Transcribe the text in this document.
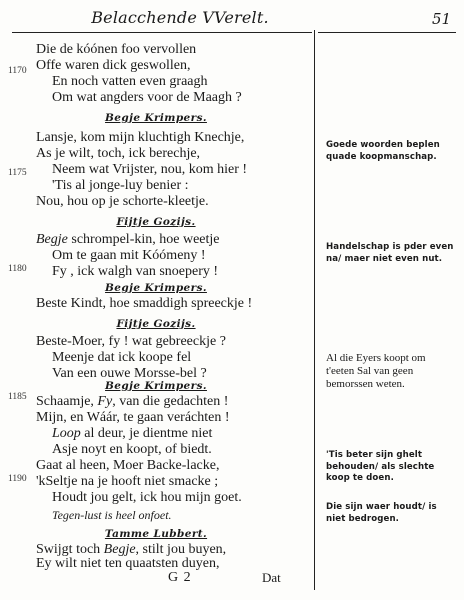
Belacchende VVerelt.	51
1170
1175
1180
1185
1190
Die de kóónen foo vervollen
Offe waren dick geswollen,
En noch vatten even graagh
Om wat angders voor de Maagh ?
Begje Krimpers.
Lansje, kom mijn kluchtigh Knechje,
As je wilt, toch, ick berechje,
Neem wat Vrijster, nou, kom hier !
'Tis al jonge-luy benier :
Nou, hou op je schorte-kleetje.
Fijtje Gozijs.
Begje schrompel-kin, hoe weetje
Om te gaan mit Kóómeny !
Fy , ick walgh van snoepery !
Begje Krimpers.
Beste Kindt, hoe smaddigh spreeckje !
Fijtje Gozijs.
Beste-Moer, fy ! wat gebreeckje ?
Meenje dat ick koope fel
Van een ouwe Morsse-bel ?
Begje Krimpers.
Schaamje, Fy, van die gedachten !
Mijn, en Wáár, te gaan veráchten !
Loop al deur, je dientme niet
Asje noyt en koopt, of biedt.
Gaat al heen, Moer Backe-lacke,
'kSeltje na je hooft niet smacke ;
Houdt jou gelt, ick hou mijn goet.
Tegen-lust is heel onfoet.
Tamme Lubbert.
Swijgt toch Begje, stilt jou buyen,
Ey wilt niet ten quaatsten duyen,
Goede woorden beplen quade koopmanschap.
Handelschap is pder even na/ maer niet even nut.
Al die Eyers koopt om t'eeten Sal van geen bemorssen weten.
'Tis beter sijn ghelt behouden/ als slechte koop te doen.
Die sijn waer houdt/ is niet bedrogen.
G 2	Dat
